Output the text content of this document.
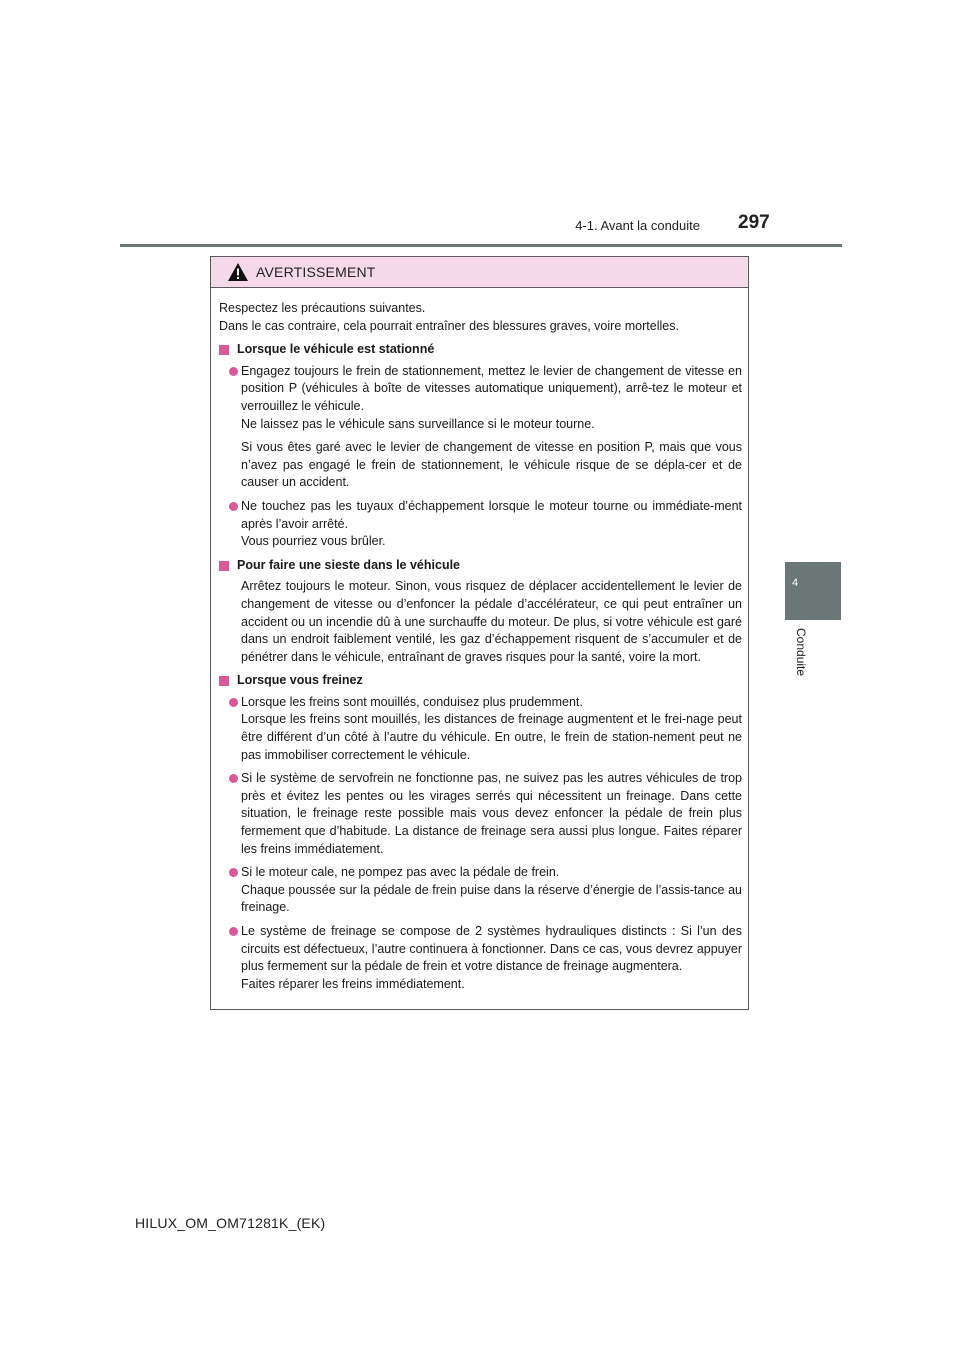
4-1. Avant la conduite 297
4
Conduite
AVERTISSEMENT

Respectez les précautions suivantes.

Dans le cas contraire, cela pourrait entraîner des blessures graves, voire mortelles.

Lorsque le véhicule est stationné

Engagez toujours le frein de stationnement, mettez le levier de changement de vitesse en position P (véhicules à boîte de vitesses automatique uniquement), arrê-tez le moteur et verrouillez le véhicule.

Ne laissez pas le véhicule sans surveillance si le moteur tourne.

Si vous êtes garé avec le levier de changement de vitesse en position P, mais que vous n’avez pas engagé le frein de stationnement, le véhicule risque de se dépla-cer et de causer un accident.

Ne touchez pas les tuyaux d’échappement lorsque le moteur tourne ou immédiate-ment après l’avoir arrêté.

Vous pourriez vous brûler.

Pour faire une sieste dans le véhicule
Arrêtez toujours le moteur. Sinon, vous risquez de déplacer accidentellement le levier de changement de vitesse ou d’enfoncer la pédale d’accélérateur, ce qui peut entraîner un accident ou un incendie dû à une surchauffe du moteur. De plus, si votre véhicule est garé dans un endroit faiblement ventilé, les gaz d’échappement risquent de s’accumuler et de pénétrer dans le véhicule, entraînant de graves risques pour la santé, voire la mort.
Lorsque vous freinez

Lorsque les freins sont mouillés, conduisez plus prudemment.

Lorsque les freins sont mouillés, les distances de freinage augmentent et le frei-nage peut être différent d’un côté à l’autre du véhicule. En outre, le frein de station-nement peut ne pas immobiliser correctement le véhicule.

Si le système de servofrein ne fonctionne pas, ne suivez pas les autres véhicules de trop près et évitez les pentes ou les virages serrés qui nécessitent un freinage. Dans cette situation, le freinage reste possible mais vous devez enfoncer la pédale de frein plus fermement que d’habitude. La distance de freinage sera aussi plus longue. Faites réparer les freins immédiatement.

Si le moteur cale, ne pompez pas avec la pédale de frein.

Chaque poussée sur la pédale de frein puise dans la réserve d’énergie de l’assis-tance au freinage.

Le système de freinage se compose de 2 systèmes hydrauliques distincts : Si l’un des circuits est défectueux, l’autre continuera à fonctionner. Dans ce cas, vous devrez appuyer plus fermement sur la pédale de frein et votre distance de freinage augmentera.

Faites réparer les freins immédiatement.

HILUX_OM_OM71281K_(EK)
